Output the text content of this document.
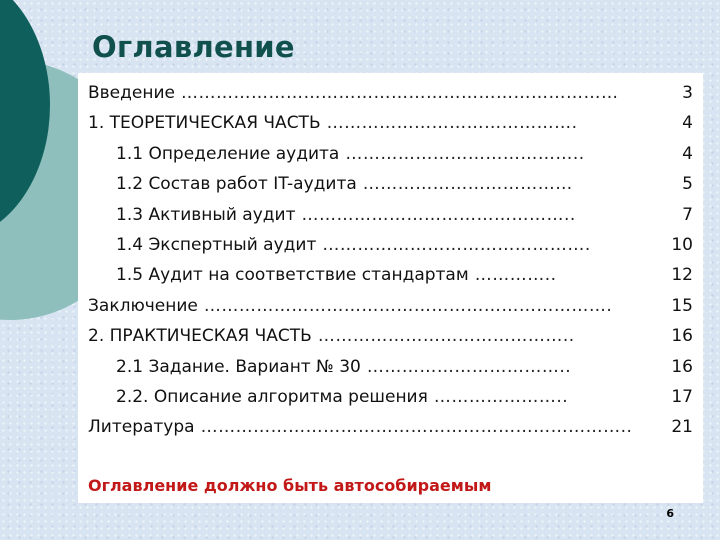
Оглавление
Введение …………………………………………………………………	3
1. ТЕОРЕТИЧЕСКАЯ ЧАСТЬ …………………………………….	4
1.1 Определение аудита …………………………………..	4
1.2 Состав работ IT-аудита ………………………………	5
1.3 Активный аудит ………………………………………..	7
1.4 Экспертный аудит ……………………………………….	10
1.5 Аудит на соответствие стандартам …………..	12
Заключение …………………………………………………………….	15
2. ПРАКТИЧЕСКАЯ ЧАСТЬ ……………………………………..	16
2.1 Задание. Вариант № 30 ……………………………..	16
2.2. Описание алгоритма решения …………………..	17
Литература ………………………………………………………………..	21
Оглавление должно быть автособираемым
6
